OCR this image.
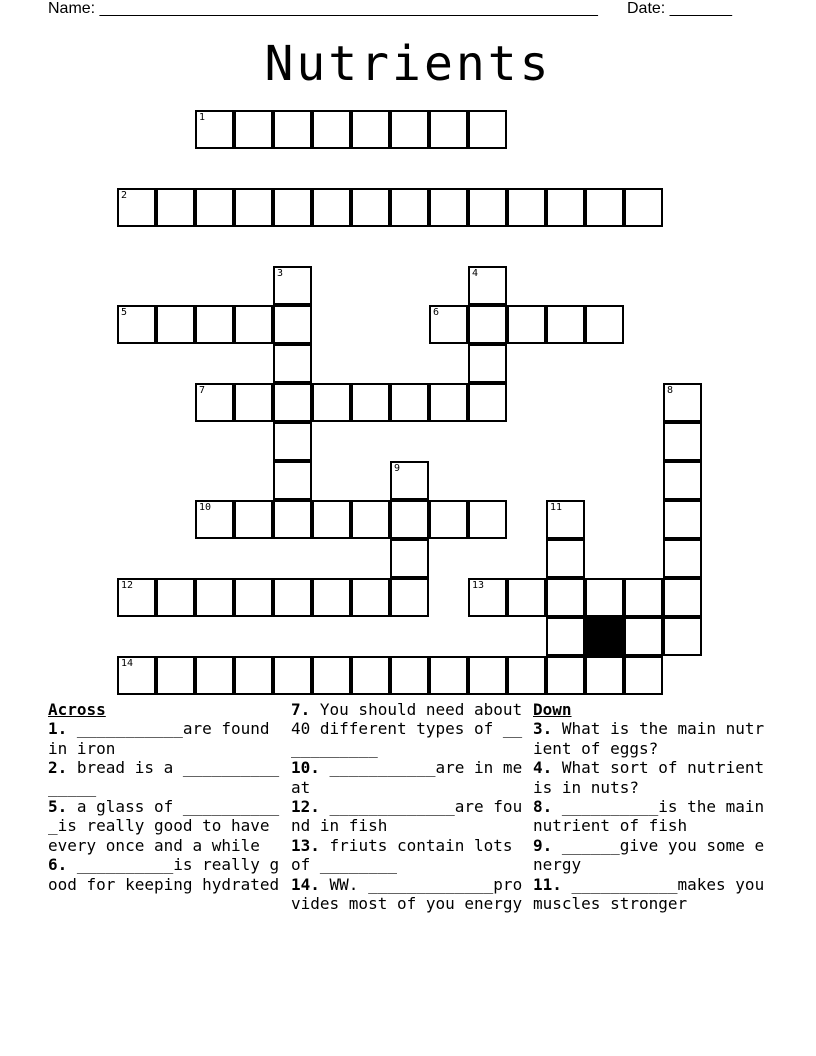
Name: ________________________________________________________ Date: _______
Nutrients
1
2
3	4
5	6
7	8
9
10	11
12	13
14

Across

1. ___________are found in iron

2. bread is a _______________

5. a glass of ___________is really good to have every once and a while

6. __________is really good for keeping hydrated

7. You should need about 40 different types of ___________

10. ___________are in meat

12. _____________are found in fish

13. friuts contain lots of ________

14. WW. _____________provides most of you energy

Down

3. What is the main nutrient of eggs?

4. What sort of nutrient is in nuts?

8. __________is the main nutrient of fish

9. ______give you some energy

11. ___________makes you muscles stronger
